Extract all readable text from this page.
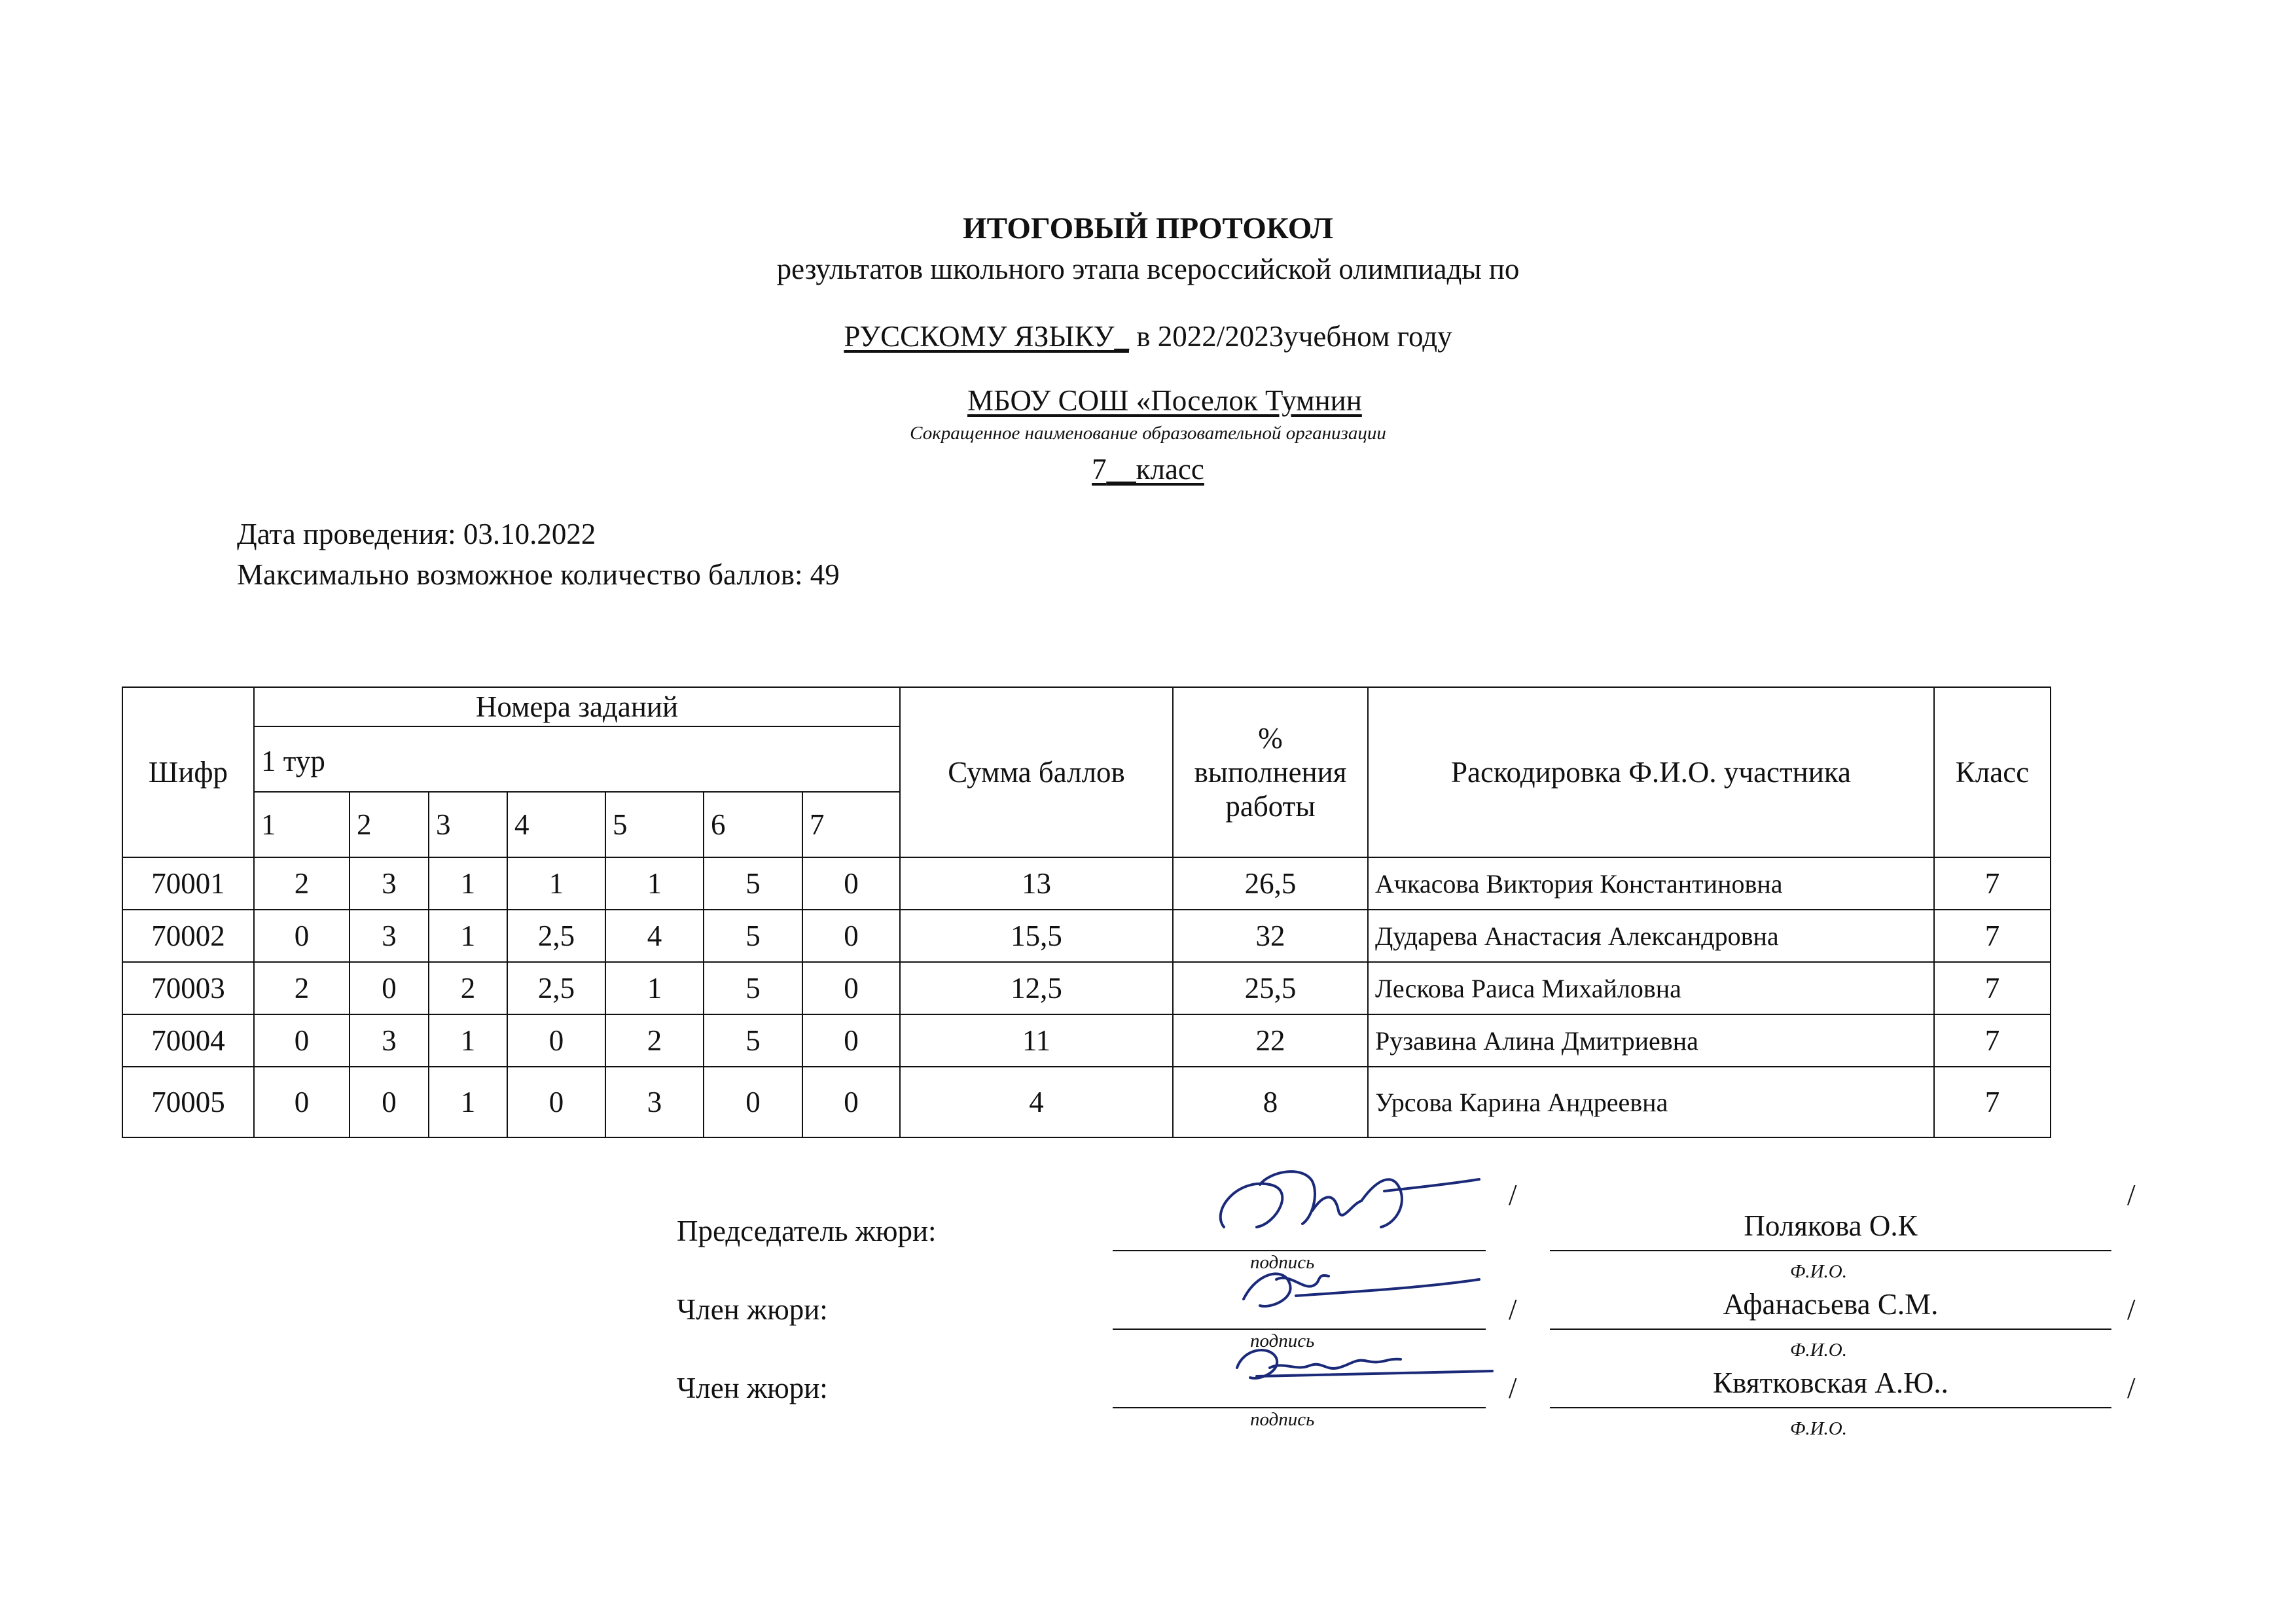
ИТОГОВЫЙ ПРОТОКОЛ
результатов школьного этапа всероссийской олимпиады по
РУССКОМУ ЯЗЫКУ_ в 2022/2023учебном году
МБОУ СОШ «Поселок Тумнин
Сокращенное наименование образовательной организации
7__класс
Дата проведения: 03.10.2022
Максимально возможное количество баллов: 49
Шифр	Номера заданий							Сумма баллов	% выполнения работы	Раскодировка Ф.И.О. участника	Класс
	1 тур										
	1	2	3	4	5	6	7				
70001	2	3	1	1	1	5	0	13	26,5	Ачкасова Виктория Константиновна	7
70002	0	3	1	2,5	4	5	0	15,5	32	Дударева Анастасия Александровна	7
70003	2	0	2	2,5	1	5	0	12,5	25,5	Лескова Раиса Михайловна	7
70004	0	3	1	0	2	5	0	11	22	Рузавина Алина Дмитриевна	7
70005	0	0	1	0	3	0	0	4	8	Урсова Карина Андреевна	7
Председатель жюри:
подпись
/
Полякова О.К
Ф.И.О.
/
Член жюри:
подпись
/	Афанасьева С.М.
Ф.И.О.
/
Член жюри:
подпись
/	Квятковская А.Ю..
Ф.И.О.
/
